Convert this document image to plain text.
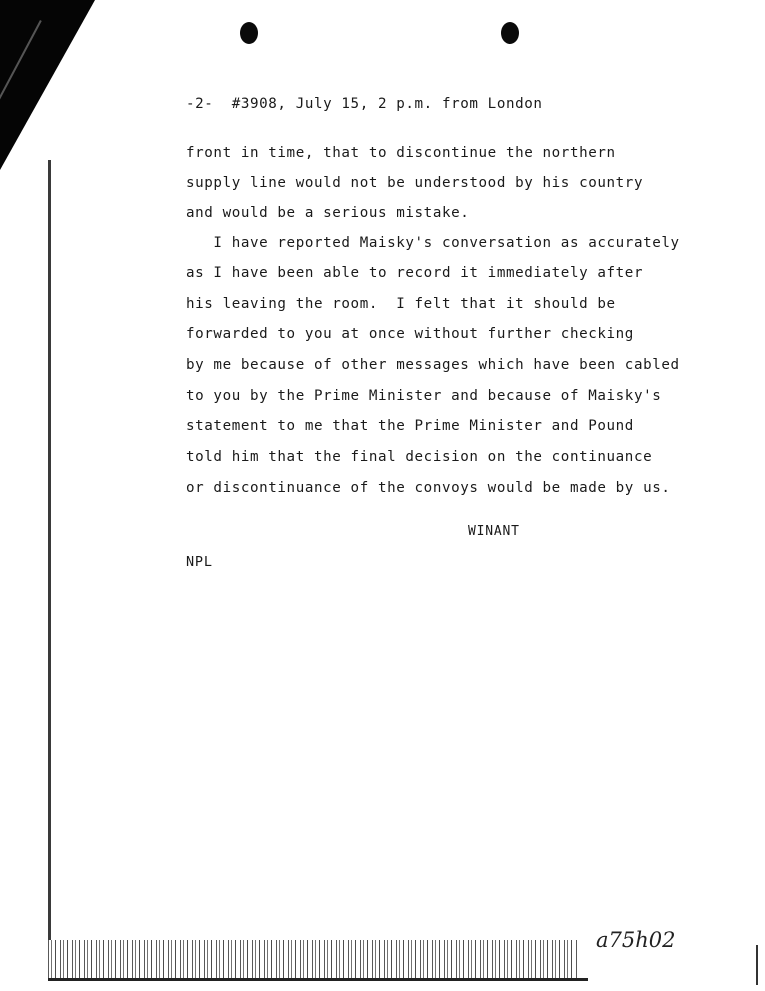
-2-  #3908, July 15, 2 p.m. from London
front in time, that to discontinue the northern
supply line would not be understood by his country
and would be a serious mistake.
I have reported Maisky's conversation as accurately
as I have been able to record it immediately after
his leaving the room.  I felt that it should be
forwarded to you at once without further checking
by me because of other messages which have been cabled
to you by the Prime Minister and because of Maisky's
statement to me that the Prime Minister and Pound
told him that the final decision on the continuance
or discontinuance of the convoys would be made by us.
WINANT
NPL
a75h02
